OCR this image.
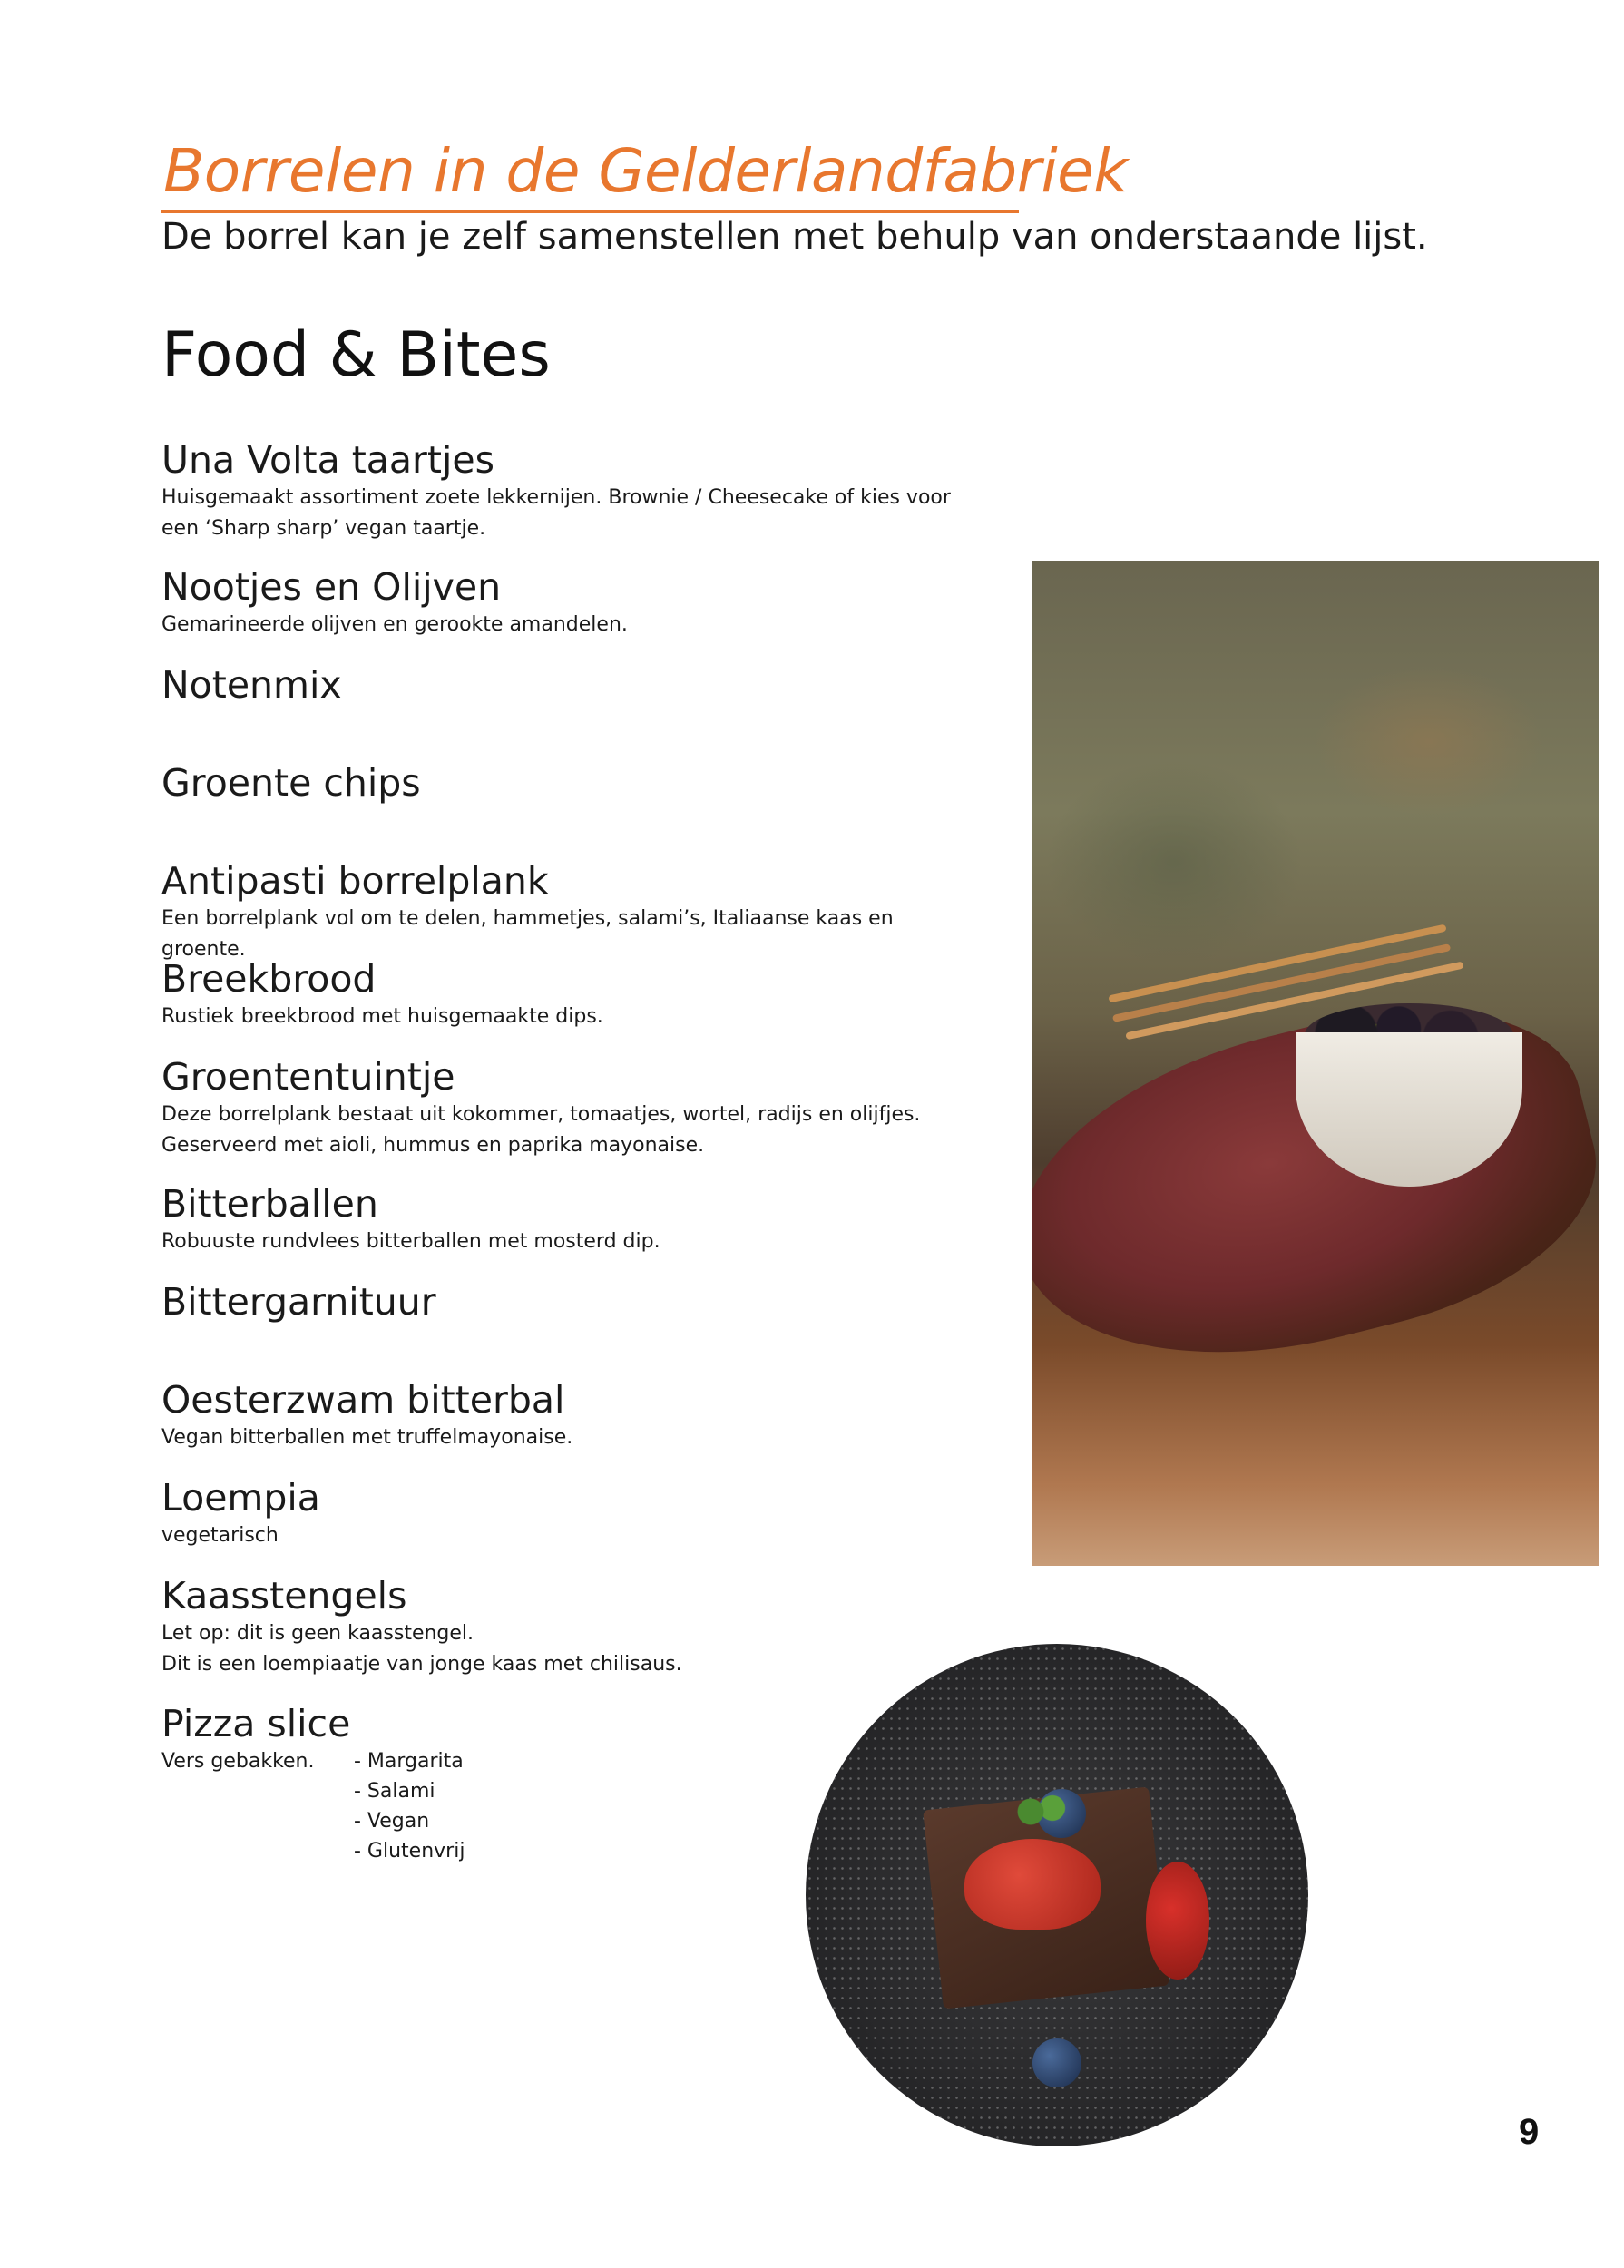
Borrelen in de Gelderlandfabriek

De borrel kan je zelf samenstellen met behulp van onderstaande lijst.

Food & Bites

Una Volta taartjes

Huisgemaakt assortiment zoete lekkernijen. Brownie / Cheesecake of kies voor

een ‘Sharp sharp’ vegan taartje.

Nootjes en Olijven

Gemarineerde olijven en gerookte amandelen.

Notenmix

Groente chips

Antipasti borrelplank

Een borrelplank vol om te delen, hammetjes, salami’s, Italiaanse kaas en groente.

Breekbrood

Rustiek breekbrood met huisgemaakte dips.

Groententuintje

Deze borrelplank bestaat uit kokommer, tomaatjes, wortel, radijs en olijfjes.

Geserveerd met aioli, hummus en paprika mayonaise.

Bitterballen

Robuuste rundvlees bitterballen met mosterd dip.

Bittergarnituur

Oesterzwam bitterbal

Vegan bitterballen met truffelmayonaise.

Loempia

vegetarisch

Kaasstengels

Let op: dit is geen kaasstengel.

Dit is een loempiaatje van jonge kaas met chilisaus.

Pizza slice

Vers gebakken.	- Margarita
- Salami
- Vegan
- Glutenvrij

9
